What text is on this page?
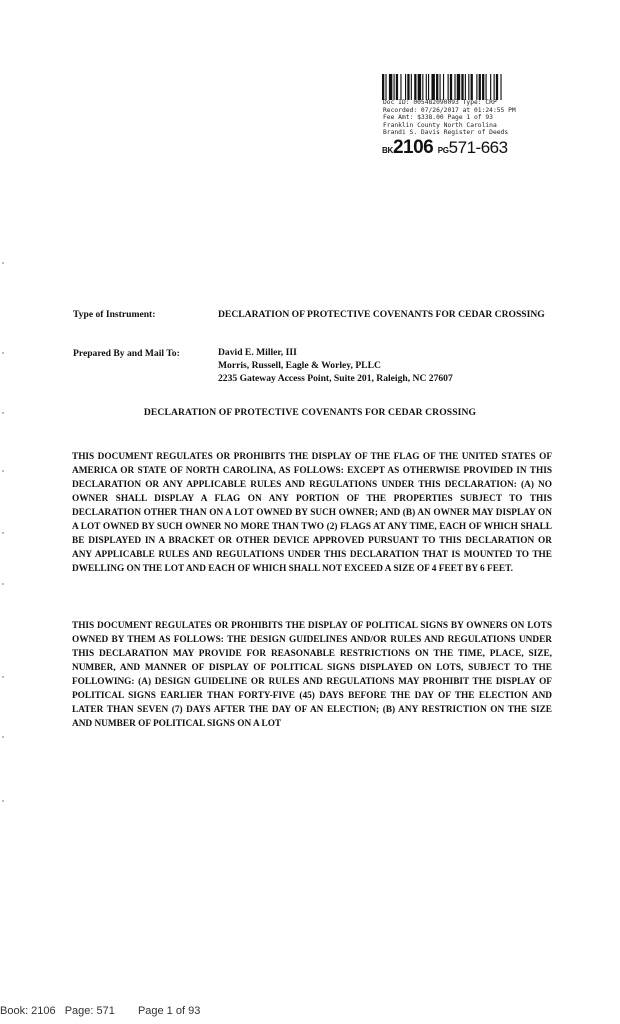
Doc ID: 005482090093 Type: CRP
Recorded: 07/26/2017 at 01:24:55 PM
Fee Amt: $338.00 Page 1 of 93
Franklin County North Carolina
Brandi S. Davis Register of Deeds
BK2106 PG571-663
Type of Instrument:	DECLARATION OF PROTECTIVE COVENANTS FOR CEDAR CROSSING
Prepared By and Mail To:	David E. Miller, III
Morris, Russell, Eagle & Worley, PLLC
2235 Gateway Access Point, Suite 201, Raleigh, NC 27607
DECLARATION OF PROTECTIVE COVENANTS FOR CEDAR CROSSING

THIS DOCUMENT REGULATES OR PROHIBITS THE DISPLAY OF THE FLAG OF THE UNITED STATES OF AMERICA OR STATE OF NORTH CAROLINA, AS FOLLOWS: EXCEPT AS OTHERWISE PROVIDED IN THIS DECLARATION OR ANY APPLICABLE RULES AND REGULATIONS UNDER THIS DECLARATION: (A) NO OWNER SHALL DISPLAY A FLAG ON ANY PORTION OF THE PROPERTIES SUBJECT TO THIS DECLARATION OTHER THAN ON A LOT OWNED BY SUCH OWNER; AND (B) AN OWNER MAY DISPLAY ON A LOT OWNED BY SUCH OWNER NO MORE THAN TWO (2) FLAGS AT ANY TIME, EACH OF WHICH SHALL BE DISPLAYED IN A BRACKET OR OTHER DEVICE APPROVED PURSUANT TO THIS DECLARATION OR ANY APPLICABLE RULES AND REGULATIONS UNDER THIS DECLARATION THAT IS MOUNTED TO THE DWELLING ON THE LOT AND EACH OF WHICH SHALL NOT EXCEED A SIZE OF 4 FEET BY 6 FEET.

THIS DOCUMENT REGULATES OR PROHIBITS THE DISPLAY OF POLITICAL SIGNS BY OWNERS ON LOTS OWNED BY THEM AS FOLLOWS: THE DESIGN GUIDELINES AND/OR RULES AND REGULATIONS UNDER THIS DECLARATION MAY PROVIDE FOR REASONABLE RESTRICTIONS ON THE TIME, PLACE, SIZE, NUMBER, AND MANNER OF DISPLAY OF POLITICAL SIGNS DISPLAYED ON LOTS, SUBJECT TO THE FOLLOWING: (A) DESIGN GUIDELINE OR RULES AND REGULATIONS MAY PROHIBIT THE DISPLAY OF POLITICAL SIGNS EARLIER THAN FORTY-FIVE (45) DAYS BEFORE THE DAY OF THE ELECTION AND LATER THAN SEVEN (7) DAYS AFTER THE DAY OF AN ELECTION; (B) ANY RESTRICTION ON THE SIZE AND NUMBER OF POLITICAL SIGNS ON A LOT

Book: 2106 Page: 571 Page 1 of 93
